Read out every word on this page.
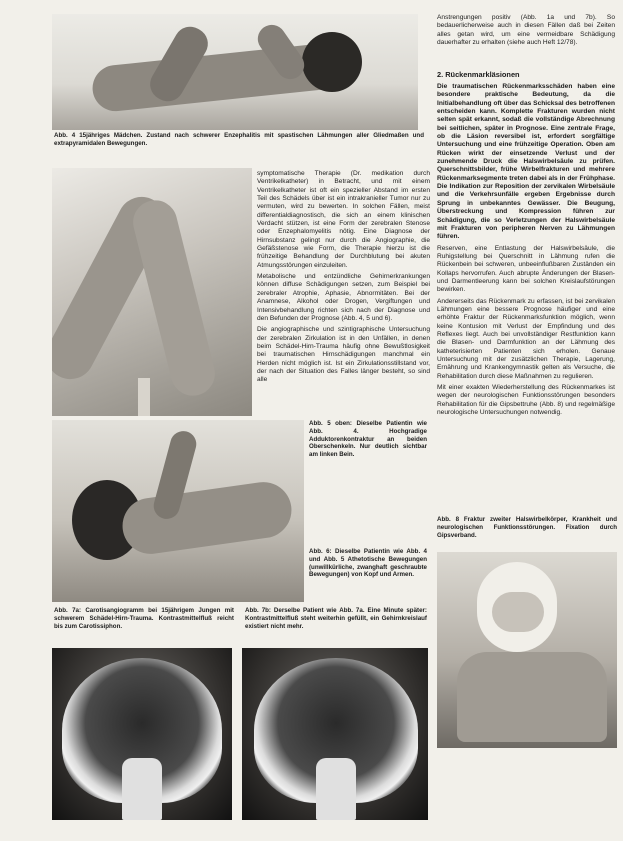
Abb. 4 15jähriges Mädchen. Zustand nach schwerer Enzephalitis mit spastischen Lähmungen aller Gliedmaßen und extrapyramidalen Bewegungen.

symptomatische Therapie (Dr. medikation durch Ventrikelkatheter) in Betracht, und mit einem Ventrikelkatheter ist oft ein spezieller Abstand im ersten Teil des Schädels über ist ein intrakranieller Tumor nur zu vermuten, wird zu bewerten. In solchen Fällen, meist differentialdiagnostisch, die sich an einem klinischen Verdacht stützen, ist eine Form der zerebralen Stenose oder Enzephalomyelitis nötig. Eine Diagnose der Hirnsubstanz gelingt nur durch die Angiographie, die Gefäßstenose wie Form, die Therapie hierzu ist die frühzeitige Behandlung der Durchblutung bei akuten Atmungsstörungen einzuleiten.

Metabolische und entzündliche Gehirnerkrankungen können diffuse Schädigungen setzen, zum Beispiel bei zerebraler Atrophie, Aphasie, Abnormitäten. Bei der Anamnese, Alkohol oder Drogen, Vergiftungen und Intensivbehandlung richten sich nach der Diagnose und den Befunden der Prognose (Abb. 4, 5 und 6).

Die angiographische und szintigraphische Untersuchung der zerebralen Zirkulation ist in den Unfällen, in denen beim Schädel-Hirn-Trauma häufig ohne Bewußtlosigkeit bei traumatischen Hirnschädigungen manchmal ein Herden nicht möglich ist. Ist ein Zirkulationsstillstand vor, der nach der Situation des Falles länger besteht, so sind alle

Abb. 5 oben: Dieselbe Patientin wie Abb. 4. Hochgradige Adduktorenkontraktur an beiden Oberschenkeln. Nur deutlich sichtbar am linken Bein.
Abb. 6: Dieselbe Patientin wie Abb. 4 und Abb. 5 Athetotische Bewegungen (unwillkürliche, zwanghaft geschraubte Bewegungen) von Kopf und Armen.
Abb. 7a: Carotisangiogramm bei 15jährigem Jungen mit schwerem Schädel-Hirn-Trauma. Kontrastmittelfluß reicht bis zum Carotissiphon.
Abb. 7b: Derselbe Patient wie Abb. 7a. Eine Minute später: Kontrastmittelfluß steht weiterhin gefüllt, ein Gehirnkreislauf existiert nicht mehr.

Anstrengungen positiv (Abb. 1a und 7b). So bedauerlicherweise auch in diesen Fällen daß bei Zeiten alles getan wird, um eine vermeidbare Schädigung dauerhafter zu erhalten (siehe auch Heft 12/78).

2. Rückenmarkläsionen

Die traumatischen Rückenmarksschäden haben eine besondere praktische Bedeutung, da die Initialbehandlung oft über das Schicksal des betroffenen entscheiden kann. Komplette Frakturen wurden nicht selten spät erkannt, sodaß die vollständige Abrechnung bei seitlichen, später in Prognose. Eine zentrale Frage, ob die Läsion reversibel ist, erfordert sorgfältige Untersuchung und eine frühzeitige Operation. Oben am Rücken wirkt der einsetzende Verlust und der zunehmende Druck die Halswirbelsäule zu prüfen. Querschnittsbilder, frühe Wirbelfrakturen und mehrere Rückenmarksegmente treten dabei als in der Frühphase. Die Indikation zur Reposition der zervikalen Wirbelsäule und die Verkehrsunfälle ergeben Ergebnisse durch Sprung in unbekanntes Gewässer. Die Beugung, Überstreckung und Kompression führen zur Schädigung, die so Verletzungen der Halswirbelsäule mit Frakturen von peripheren Nerven zu Lähmungen führen.

Reserven, eine Entlastung der Halswirbelsäule, die Ruhigstellung bei Querschnitt in Lähmung rufen die Rückenbein bei schweren, unbeeinflußbaren Zuständen ein Kollaps hervorrufen. Auch abrupte Änderungen der Blasen- und Darmentleerung kann bei solchen Kreislaufstörungen bewirken.

Andererseits das Rückenmark zu erfassen, ist bei zervikalen Lähmungen eine bessere Prognose häufiger und eine erhöhte Fraktur der Rückenmarksfunktion möglich, wenn keine Kontusion mit Verlust der Empfindung und des Reflexes liegt. Auch bei unvollständiger Restfunktion kann die Blasen- und Darmfunktion an der Lähmung des katheterisierten Patienten sich erholen. Genaue Untersuchung mit der zusätzlichen Therapie, Lagerung, Ernährung und Krankengymnastik gelten als Versuche, die Rehabilitation durch diese Maßnahmen zu regulieren.

Mit einer exakten Wiederherstellung des Rückenmarkes ist wegen der neurologischen Funktionsstörungen besonders Rehabilitation für die Gipsbettruhe (Abb. 8) und regelmäßige neurologische Untersuchungen notwendig.

Abb. 8 Fraktur zweiter Halswirbelkörper, Krankheit und neurologischen Funktionsstörungen. Fixation durch Gipsverband.
